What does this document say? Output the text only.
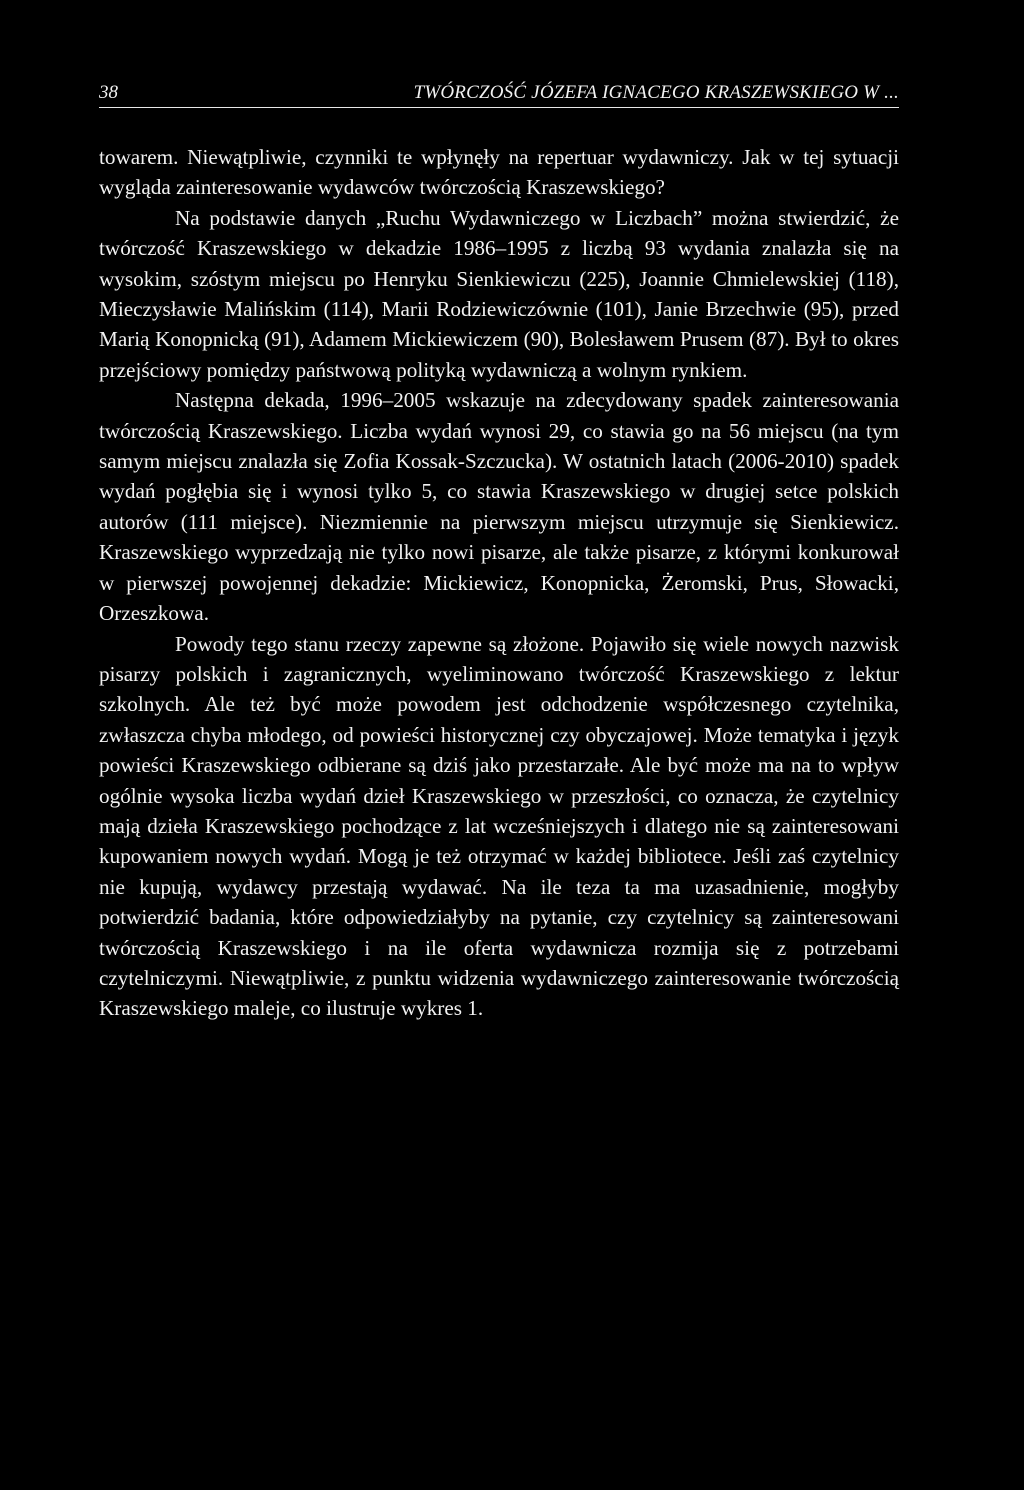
38	TWÓRCZOŚĆ JÓZEFA IGNACEGO KRASZEWSKIEGO W ...

towarem. Niewątpliwie, czynniki te wpłynęły na repertuar wydawniczy. Jak w tej sytuacji wygląda zainteresowanie wydawców twórczością Kraszewskiego?

Na podstawie danych „Ruchu Wydawniczego w Liczbach” można stwierdzić, że twórczość Kraszewskiego w dekadzie 1986–1995 z liczbą 93 wydania znalazła się na wysokim, szóstym miejscu po Henryku Sienkiewiczu (225), Joannie Chmielewskiej (118), Mieczysławie Malińskim (114), Marii Rodziewiczównie (101), Janie Brzechwie (95), przed Marią Konopnicką (91), Adamem Mickiewiczem (90), Bolesławem Prusem (87). Był to okres przejściowy pomiędzy państwową polityką wydawniczą a wolnym rynkiem.

Następna dekada, 1996–2005 wskazuje na zdecydowany spadek zainteresowania twórczością Kraszewskiego. Liczba wydań wynosi 29, co stawia go na 56 miejscu (na tym samym miejscu znalazła się Zofia Kossak-Szczucka). W ostatnich latach (2006-2010) spadek wydań pogłębia się i wynosi tylko 5, co stawia Kraszewskiego w drugiej setce polskich autorów (111 miejsce). Niezmiennie na pierwszym miejscu utrzymuje się Sienkiewicz. Kraszewskiego wyprzedzają nie tylko nowi pisarze, ale także pisarze, z którymi konkurował w pierwszej powojennej dekadzie: Mickiewicz, Konopnicka, Żeromski, Prus, Słowacki, Orzeszkowa.

Powody tego stanu rzeczy zapewne są złożone. Pojawiło się wiele nowych nazwisk pisarzy polskich i zagranicznych, wyeliminowano twórczość Kraszewskiego z lektur szkolnych. Ale też być może powodem jest odchodzenie współczesnego czytelnika, zwłaszcza chyba młodego, od powieści historycznej czy obyczajowej. Może tematyka i język powieści Kraszewskiego odbierane są dziś jako przestarzałe. Ale być może ma na to wpływ ogólnie wysoka liczba wydań dzieł Kraszewskiego w przeszłości, co oznacza, że czytelnicy mają dzieła Kraszewskiego pochodzące z lat wcześniejszych i dlatego nie są zainteresowani kupowaniem nowych wydań. Mogą je też otrzymać w każdej bibliotece. Jeśli zaś czytelnicy nie kupują, wydawcy przestają wydawać. Na ile teza ta ma uzasadnienie, mogłyby potwierdzić badania, które odpowiedziałyby na pytanie, czy czytelnicy są zainteresowani twórczością Kraszewskiego i na ile oferta wydawnicza rozmija się z potrzebami czytelniczymi. Niewątpliwie, z punktu widzenia wydawniczego zainteresowanie twórczością Kraszewskiego maleje, co ilustruje wykres 1.
